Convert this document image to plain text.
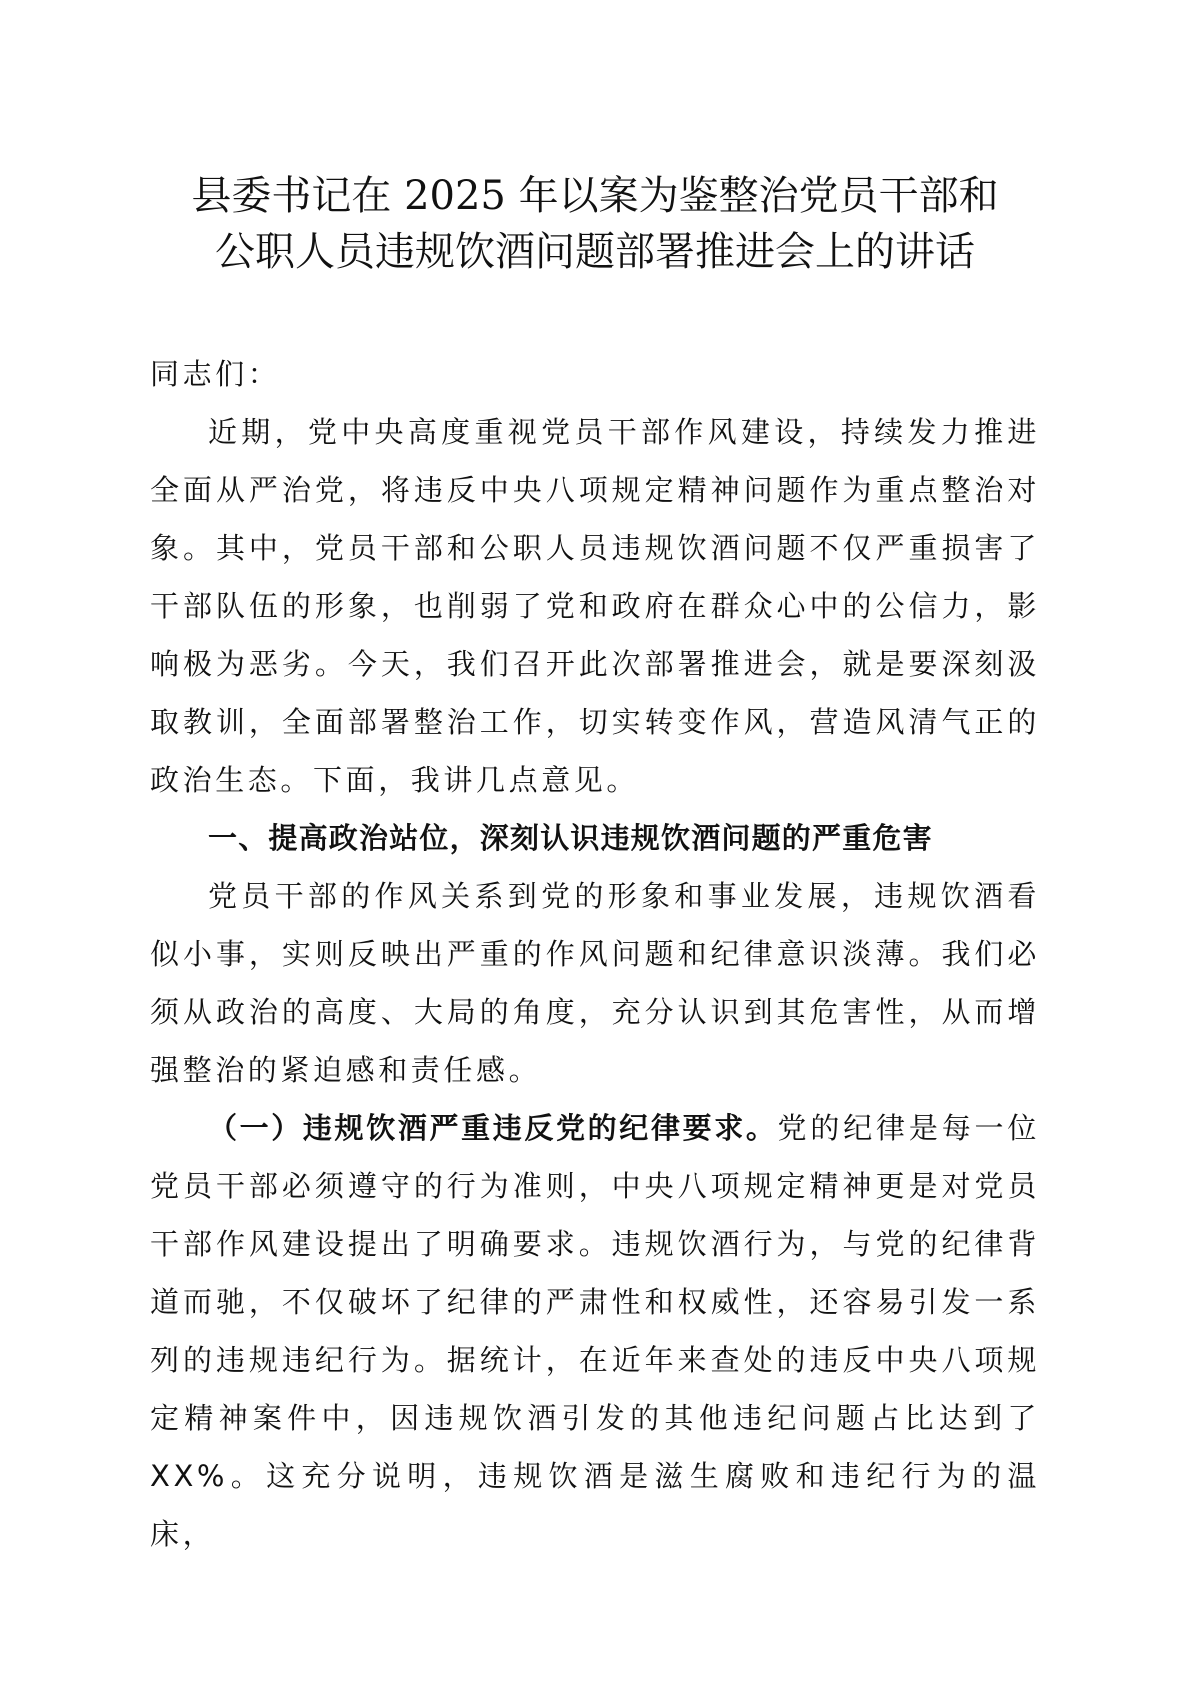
县委书记在 2025 年以案为鉴整治党员干部和
公职人员违规饮酒问题部署推进会上的讲话

同志们：

近期，党中央高度重视党员干部作风建设，持续发力推进全面从严治党，将违反中央八项规定精神问题作为重点整治对象。其中，党员干部和公职人员违规饮酒问题不仅严重损害了干部队伍的形象，也削弱了党和政府在群众心中的公信力，影响极为恶劣。今天，我们召开此次部署推进会，就是要深刻汲取教训，全面部署整治工作，切实转变作风，营造风清气正的政治生态。下面，我讲几点意见。

一、提高政治站位，深刻认识违规饮酒问题的严重危害

党员干部的作风关系到党的形象和事业发展，违规饮酒看似小事，实则反映出严重的作风问题和纪律意识淡薄。我们必须从政治的高度、大局的角度，充分认识到其危害性，从而增强整治的紧迫感和责任感。

（一）违规饮酒严重违反党的纪律要求。党的纪律是每一位党员干部必须遵守的行为准则，中央八项规定精神更是对党员干部作风建设提出了明确要求。违规饮酒行为，与党的纪律背道而驰，不仅破坏了纪律的严肃性和权威性，还容易引发一系列的违规违纪行为。据统计，在近年来查处的违反中央八项规定精神案件中，因违规饮酒引发的其他违纪问题占比达到了XX%。这充分说明，违规饮酒是滋生腐败和违纪行为的温床，
